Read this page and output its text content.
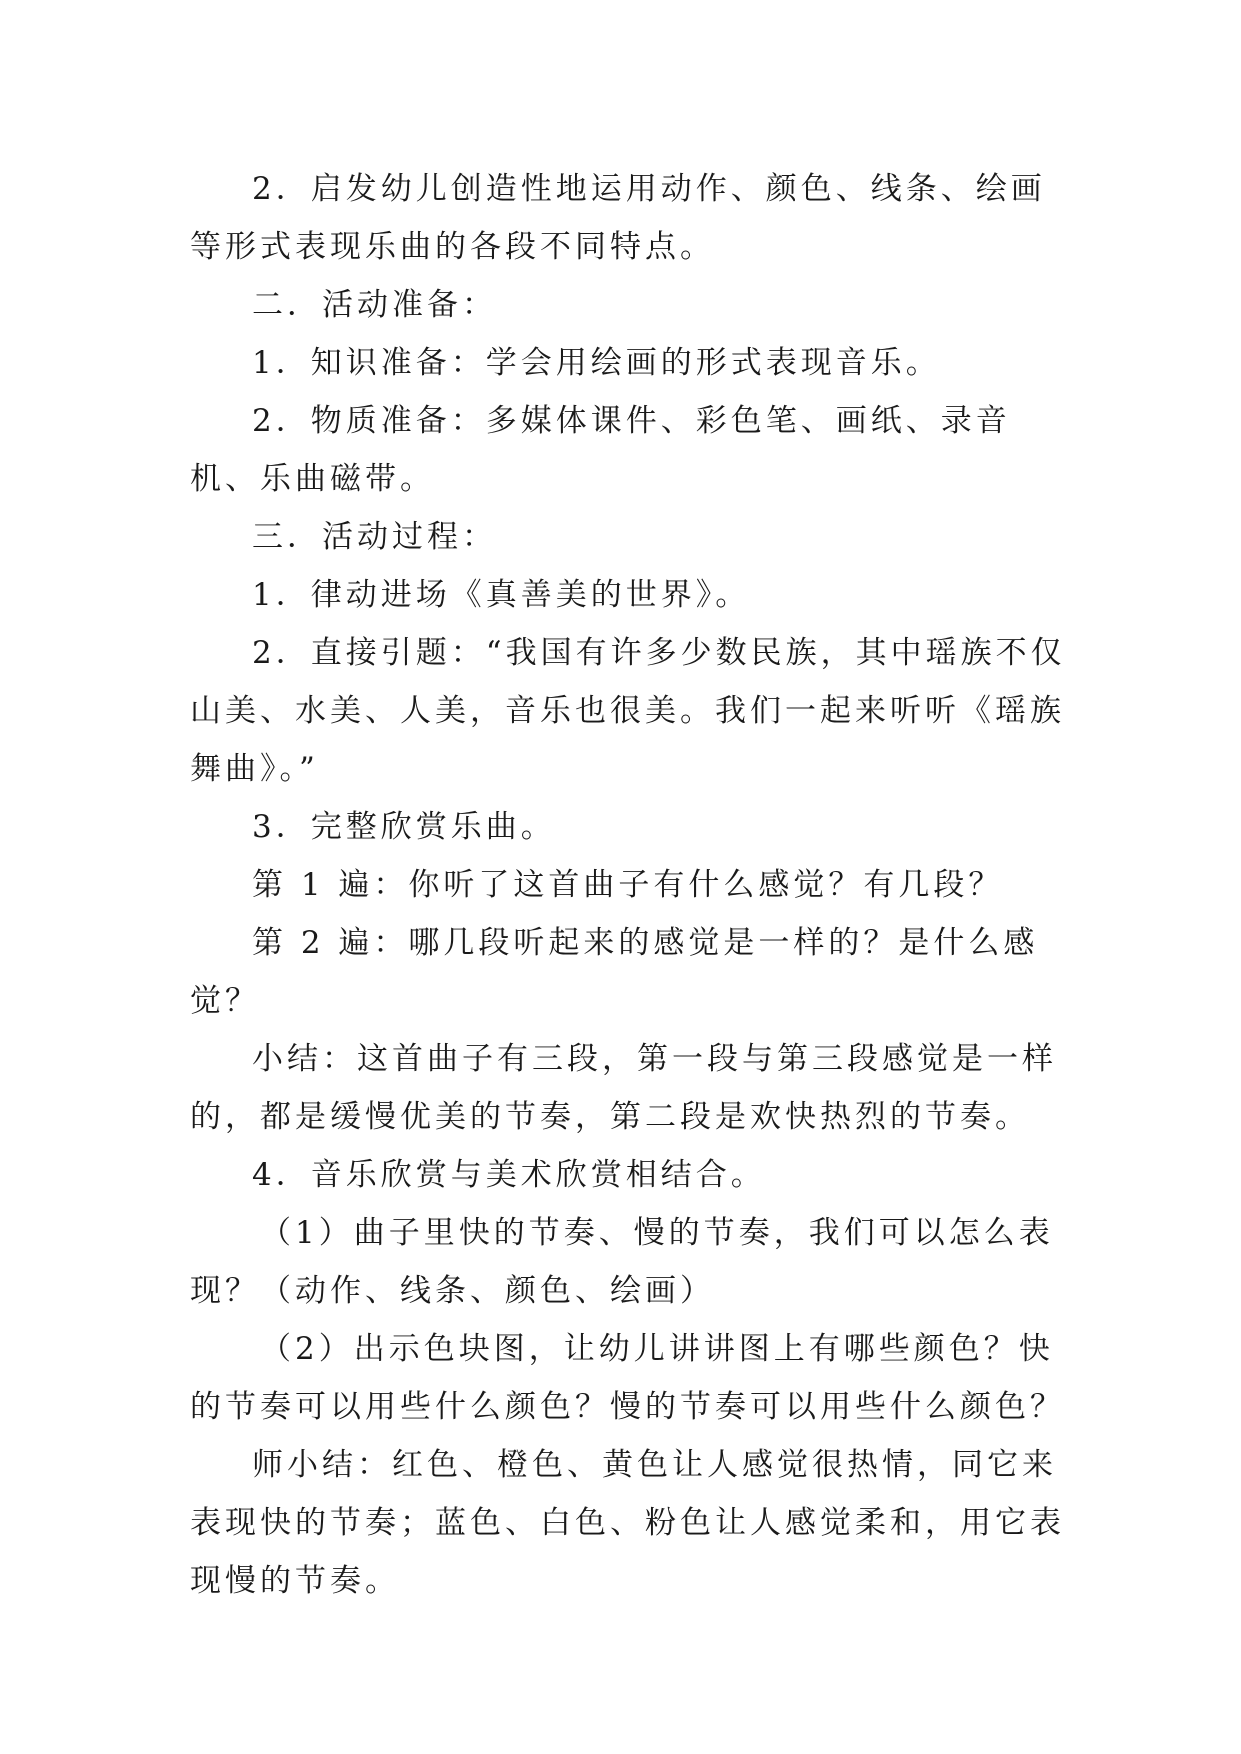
2．启发幼儿创造性地运用动作、颜色、线条、绘画等形式表现乐曲的各段不同特点。

二．活动准备：

1．知识准备：学会用绘画的形式表现音乐。

2．物质准备：多媒体课件、彩色笔、画纸、录音机、乐曲磁带。

三．活动过程：

1．律动进场《真善美的世界》。

2．直接引题：“我国有许多少数民族，其中瑶族不仅山美、水美、人美，音乐也很美。我们一起来听听《瑶族舞曲》。”

3．完整欣赏乐曲。

第 1 遍：你听了这首曲子有什么感觉？有几段？

第 2 遍：哪几段听起来的感觉是一样的？是什么感觉？

小结：这首曲子有三段，第一段与第三段感觉是一样的，都是缓慢优美的节奏，第二段是欢快热烈的节奏。

4．音乐欣赏与美术欣赏相结合。

（1）曲子里快的节奏、慢的节奏，我们可以怎么表现？（动作、线条、颜色、绘画）

（2）出示色块图，让幼儿讲讲图上有哪些颜色？快的节奏可以用些什么颜色？慢的节奏可以用些什么颜色？

师小结：红色、橙色、黄色让人感觉很热情，同它来表现快的节奏；蓝色、白色、粉色让人感觉柔和，用它表现慢的节奏。
